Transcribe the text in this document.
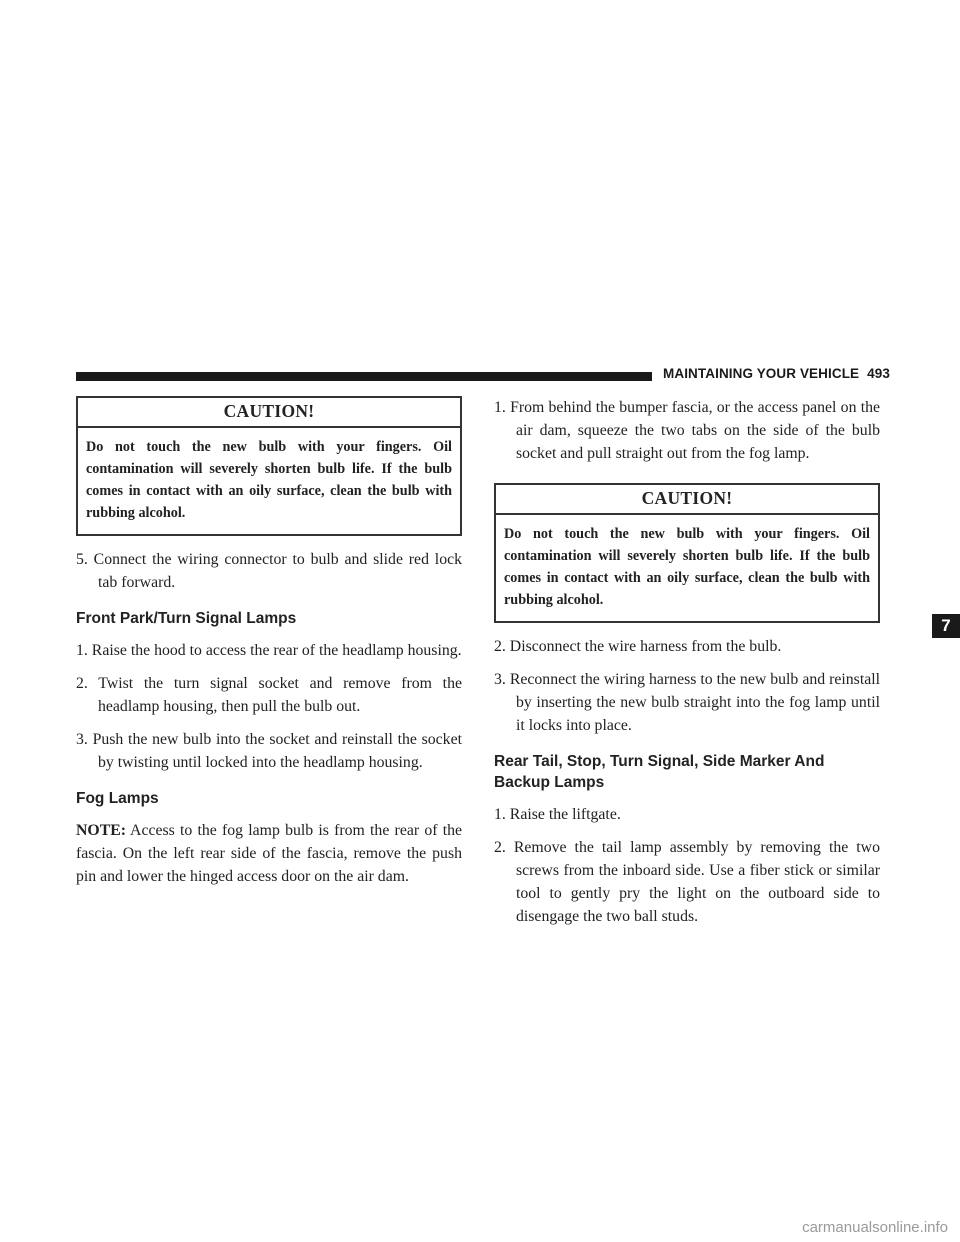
MAINTAINING YOUR VEHICLE 493
CAUTION!
Do not touch the new bulb with your fingers. Oil contamination will severely shorten bulb life. If the bulb comes in contact with an oily surface, clean the bulb with rubbing alcohol.

5. Connect the wiring connector to bulb and slide red lock tab forward.

Front Park/Turn Signal Lamps

1. Raise the hood to access the rear of the headlamp housing.

2. Twist the turn signal socket and remove from the headlamp housing, then pull the bulb out.

3. Push the new bulb into the socket and reinstall the socket by twisting until locked into the headlamp housing.

Fog Lamps

NOTE: Access to the fog lamp bulb is from the rear of the fascia. On the left rear side of the fascia, remove the push pin and lower the hinged access door on the air dam.

1. From behind the bumper fascia, or the access panel on the air dam, squeeze the two tabs on the side of the bulb socket and pull straight out from the fog lamp.

CAUTION!
Do not touch the new bulb with your fingers. Oil contamination will severely shorten bulb life. If the bulb comes in contact with an oily surface, clean the bulb with rubbing alcohol.

2. Disconnect the wire harness from the bulb.

3. Reconnect the wiring harness to the new bulb and reinstall by inserting the new bulb straight into the fog lamp until it locks into place.

Rear Tail, Stop, Turn Signal, Side Marker And Backup Lamps

1. Raise the liftgate.

2. Remove the tail lamp assembly by removing the two screws from the inboard side. Use a fiber stick or similar tool to gently pry the light on the outboard side to disengage the two ball studs.

7
carmanualsonline.info
